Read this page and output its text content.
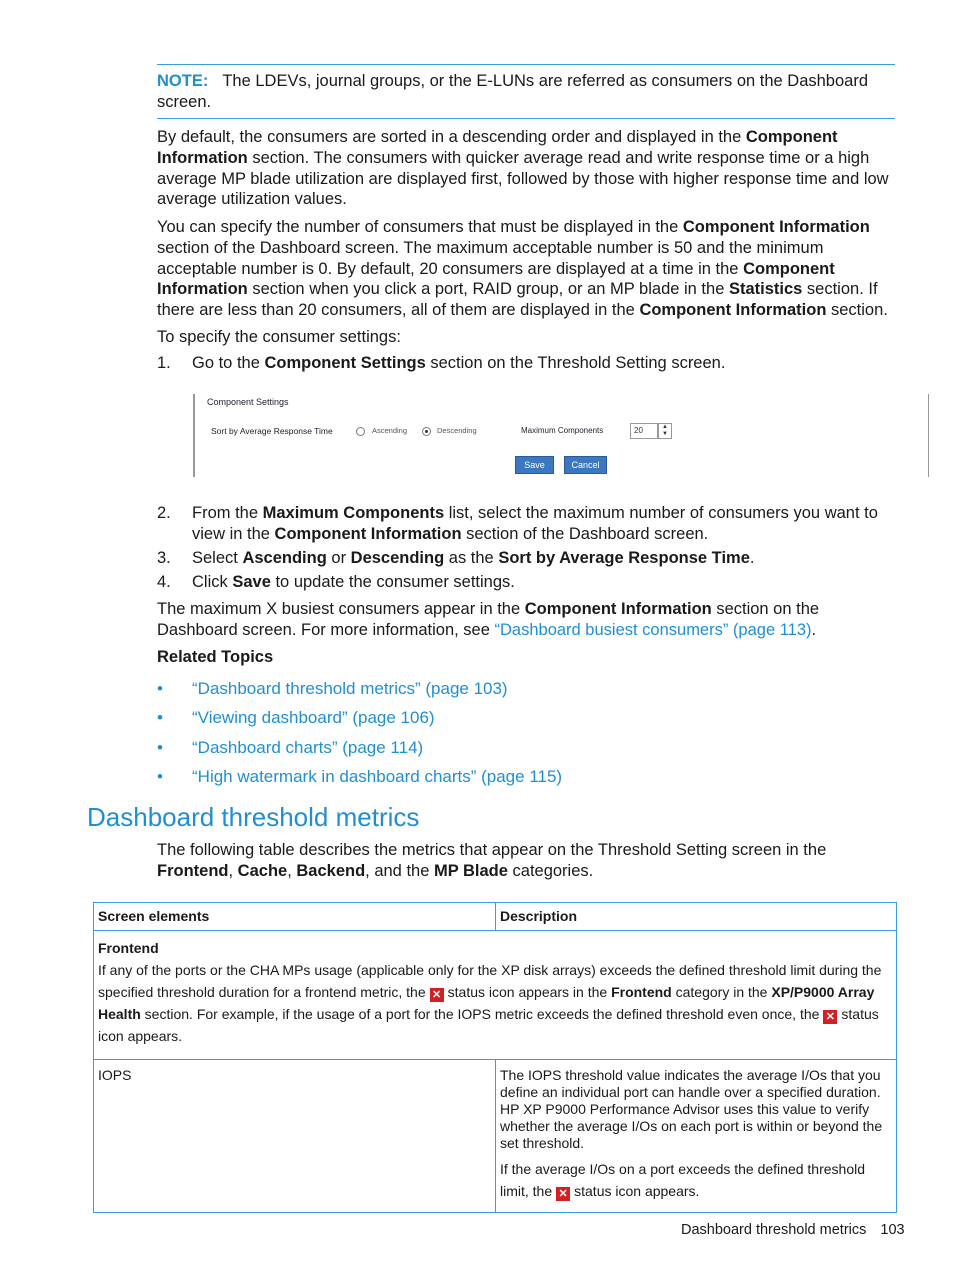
NOTE: The LDEVs, journal groups, or the E-LUNs are referred as consumers on the Dashboard screen.
By default, the consumers are sorted in a descending order and displayed in the Component Information section. The consumers with quicker average read and write response time or a high average MP blade utilization are displayed first, followed by those with higher response time and low average utilization values.
You can specify the number of consumers that must be displayed in the Component Information section of the Dashboard screen. The maximum acceptable number is 50 and the minimum acceptable number is 0. By default, 20 consumers are displayed at a time in the Component Information section when you click a port, RAID group, or an MP blade in the Statistics section. If there are less than 20 consumers, all of them are displayed in the Component Information section.
To specify the consumer settings:
1. Go to the Component Settings section on the Threshold Setting screen.
Component Settings
Sort by Average Response Time	Ascending	Descending	Maximum Components	20	▲
▼
Save	Cancel
2. From the Maximum Components list, select the maximum number of consumers you want to view in the Component Information section of the Dashboard screen.
3. Select Ascending or Descending as the Sort by Average Response Time.
4. Click Save to update the consumer settings.
The maximum X busiest consumers appear in the Component Information section on the Dashboard screen. For more information, see “Dashboard busiest consumers” (page 113).
Related Topics
• “Dashboard threshold metrics” (page 103)
• “Viewing dashboard” (page 106)
• “Dashboard charts” (page 114)
• “High watermark in dashboard charts” (page 115)
Dashboard threshold metrics
The following table describes the metrics that appear on the Threshold Setting screen in the Frontend, Cache, Backend, and the MP Blade categories.
Screen elements	Description
Frontend
If any of the ports or the CHA MPs usage (applicable only for the XP disk arrays) exceeds the defined threshold limit during the specified threshold duration for a frontend metric, the ✕ status icon appears in the Frontend category in the XP/P9000 Array Health section. For example, if the usage of a port for the IOPS metric exceeds the defined threshold even once, the ✕ status icon appears.	
IOPS	The IOPS threshold value indicates the average I/Os that you define an individual port can handle over a specified duration. HP XP P9000 Performance Advisor uses this value to verify whether the average I/Os on each port is within or beyond the set threshold.
If the average I/Os on a port exceeds the defined threshold limit, the ✕ status icon appears.
Dashboard threshold metrics 103
